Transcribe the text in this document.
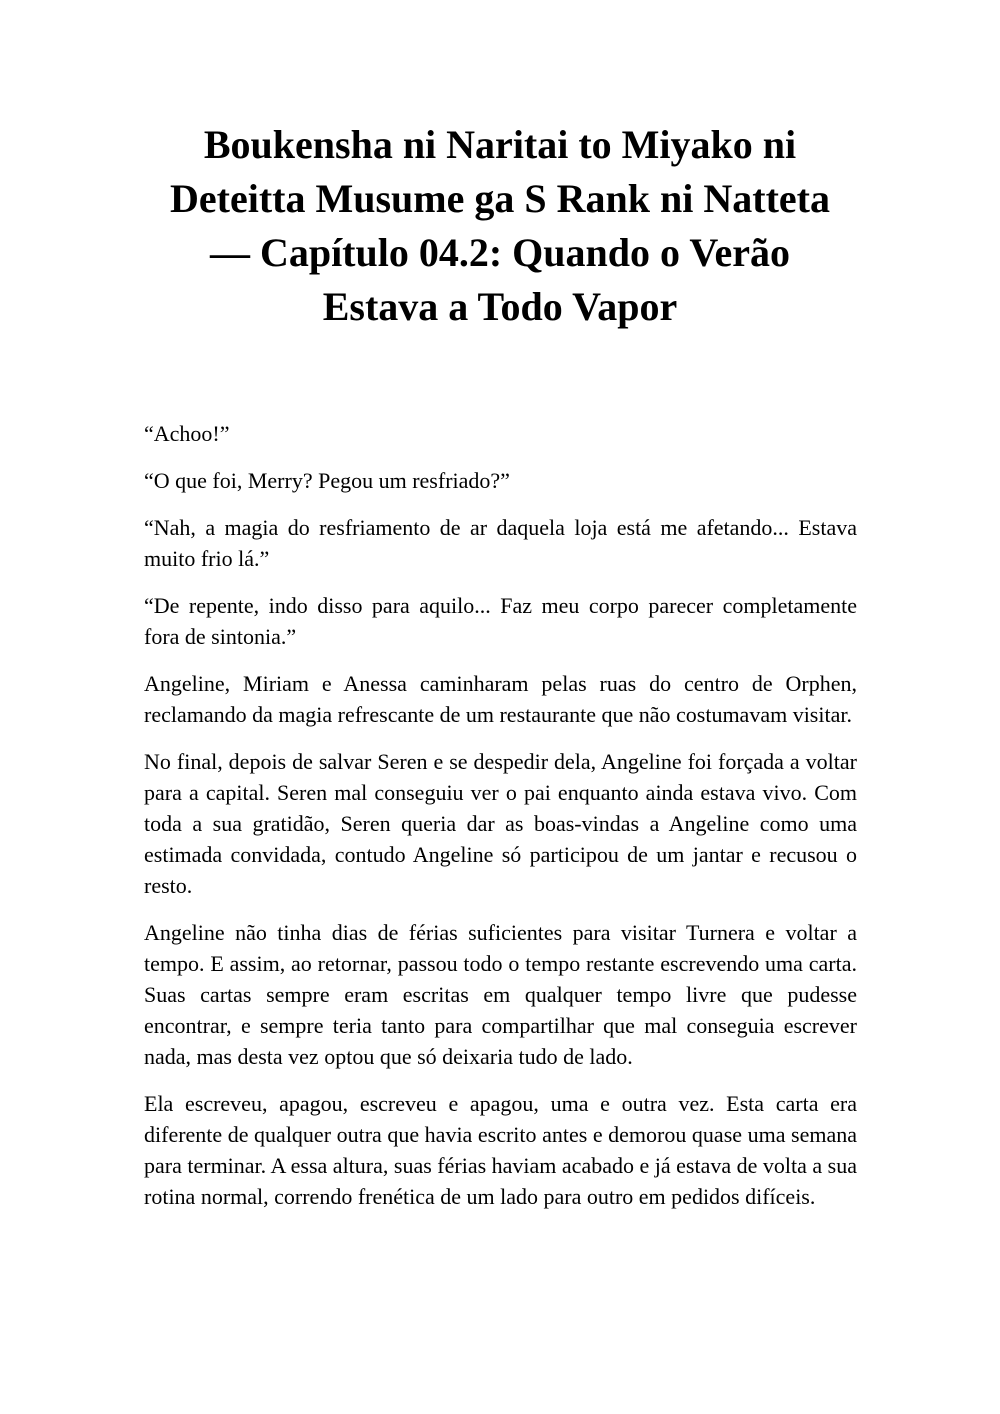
Boukensha ni Naritai to Miyako ni
Deteitta Musume ga S Rank ni Natteta
— Capítulo 04.2: Quando o Verão
Estava a Todo Vapor

“Achoo!”

“O que foi, Merry? Pegou um resfriado?”

“Nah, a magia do resfriamento de ar daquela loja está me afetando... Estava muito frio lá.”

“De repente, indo disso para aquilo... Faz meu corpo parecer completamente fora de sintonia.”

Angeline, Miriam e Anessa caminharam pelas ruas do centro de Orphen, reclamando da magia refrescante de um restaurante que não costumavam visitar.

No final, depois de salvar Seren e se despedir dela, Angeline foi forçada a voltar para a capital. Seren mal conseguiu ver o pai enquanto ainda estava vivo. Com toda a sua gratidão, Seren queria dar as boas-vindas a Angeline como uma estimada convidada, contudo Angeline só participou de um jantar e recusou o resto.

Angeline não tinha dias de férias suficientes para visitar Turnera e voltar a tempo. E assim, ao retornar, passou todo o tempo restante escrevendo uma carta. Suas cartas sempre eram escritas em qualquer tempo livre que pudesse encontrar, e sempre teria tanto para compartilhar que mal conseguia escrever nada, mas desta vez optou que só deixaria tudo de lado.

Ela escreveu, apagou, escreveu e apagou, uma e outra vez. Esta carta era diferente de qualquer outra que havia escrito antes e demorou quase uma semana para terminar. A essa altura, suas férias haviam acabado e já estava de volta a sua rotina normal, correndo frenética de um lado para outro em pedidos difíceis.
